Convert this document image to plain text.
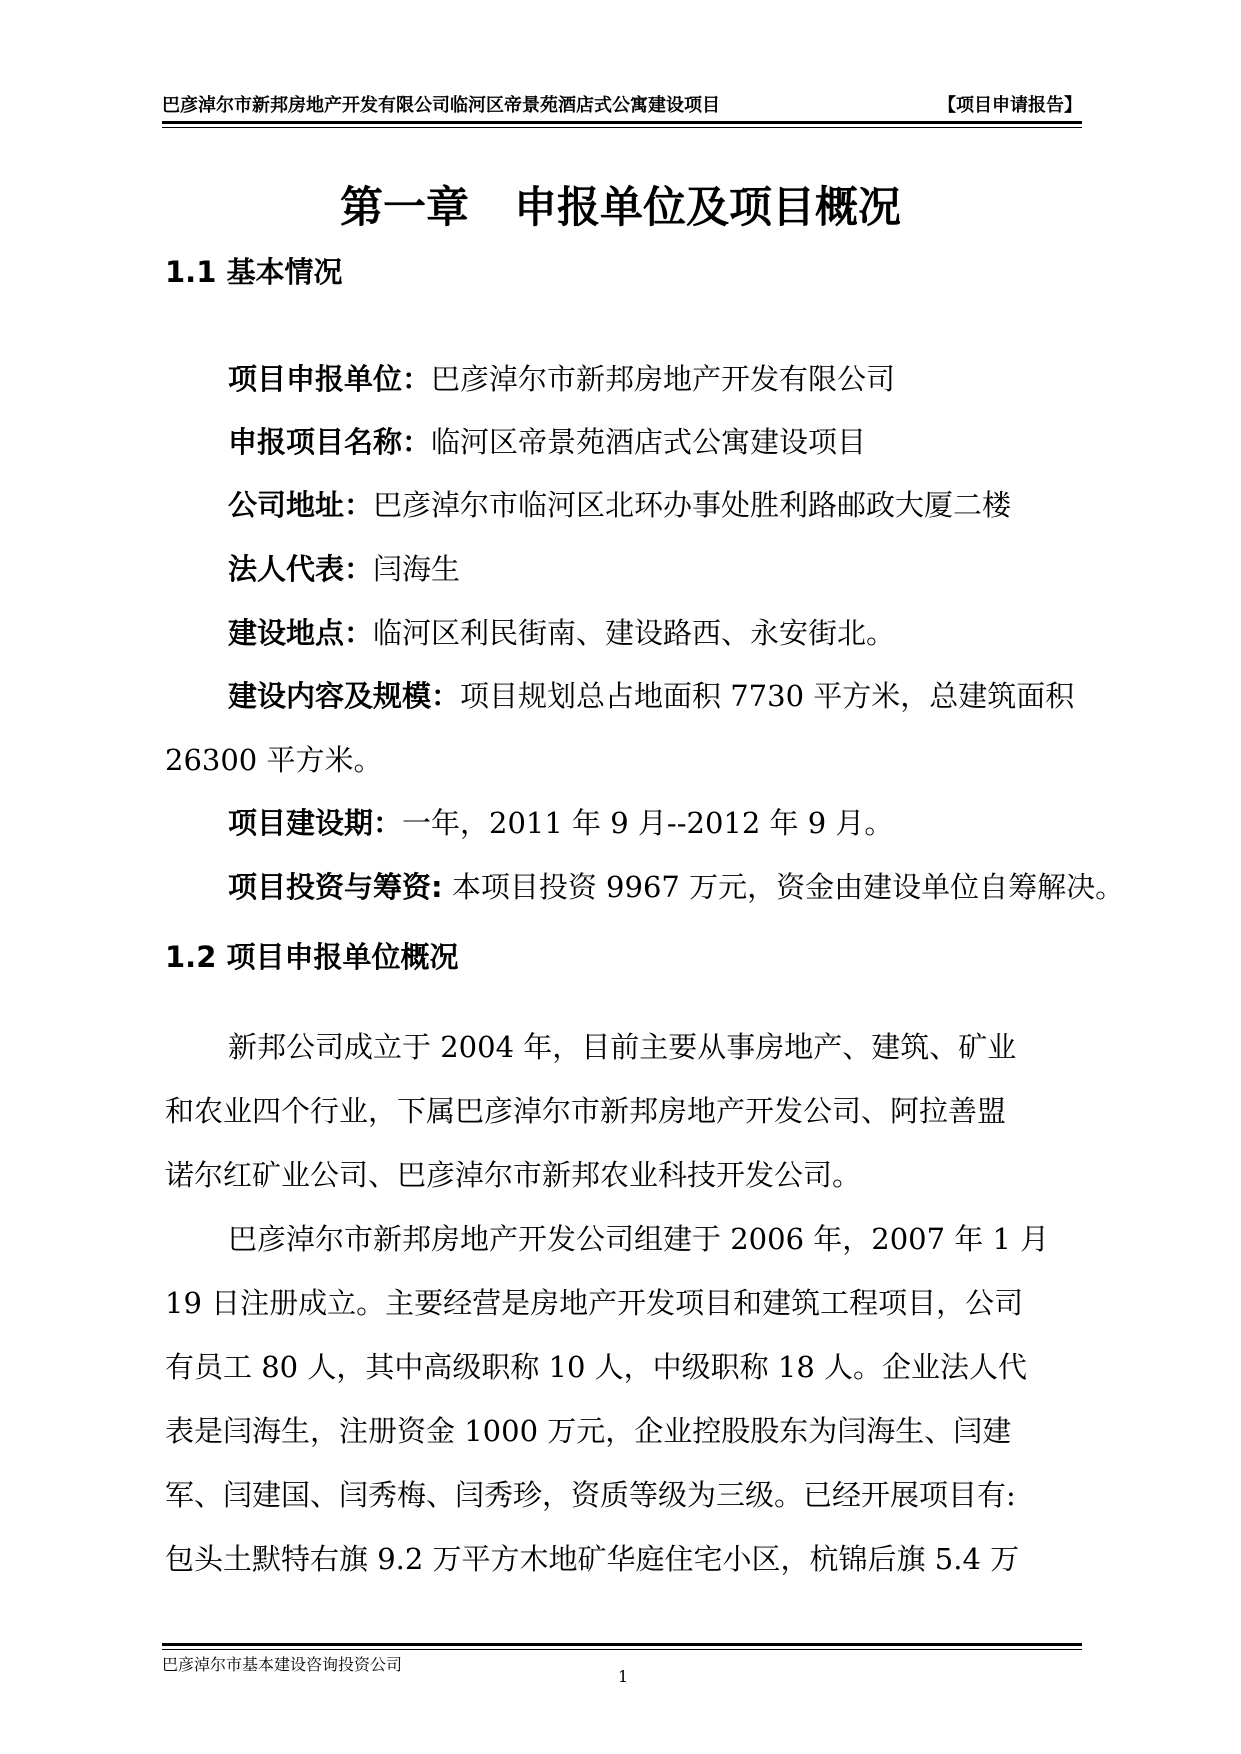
巴彦淖尔市新邦房地产开发有限公司临河区帝景苑酒店式公寓建设项目	【项目申请报告】
第一章   申报单位及项目概况
1.1 基本情况
项目申报单位：巴彦淖尔市新邦房地产开发有限公司
申报项目名称：临河区帝景苑酒店式公寓建设项目
公司地址：巴彦淖尔市临河区北环办事处胜利路邮政大厦二楼
法人代表：闫海生
建设地点：临河区利民街南、建设路西、永安街北。
建设内容及规模：项目规划总占地面积 7730 平方米，总建筑面积
26300 平方米。
项目建设期：一年，2011 年 9 月--2012 年 9 月。
项目投资与筹资: 本项目投资 9967 万元，资金由建设单位自筹解决。
1.2 项目申报单位概况
新邦公司成立于 2004 年，目前主要从事房地产、建筑、矿业
和农业四个行业，下属巴彦淖尔市新邦房地产开发公司、阿拉善盟
诺尔红矿业公司、巴彦淖尔市新邦农业科技开发公司。
巴彦淖尔市新邦房地产开发公司组建于 2006 年，2007 年 1 月
19 日注册成立。主要经营是房地产开发项目和建筑工程项目，公司
有员工 80 人，其中高级职称 10 人，中级职称 18 人。企业法人代
表是闫海生，注册资金 1000 万元，企业控股股东为闫海生、闫建
军、闫建国、闫秀梅、闫秀珍，资质等级为三级。已经开展项目有:
包头土默特右旗 9.2 万平方木地矿华庭住宅小区，杭锦后旗 5.4 万
巴彦淖尔市基本建设咨询投资公司
1
